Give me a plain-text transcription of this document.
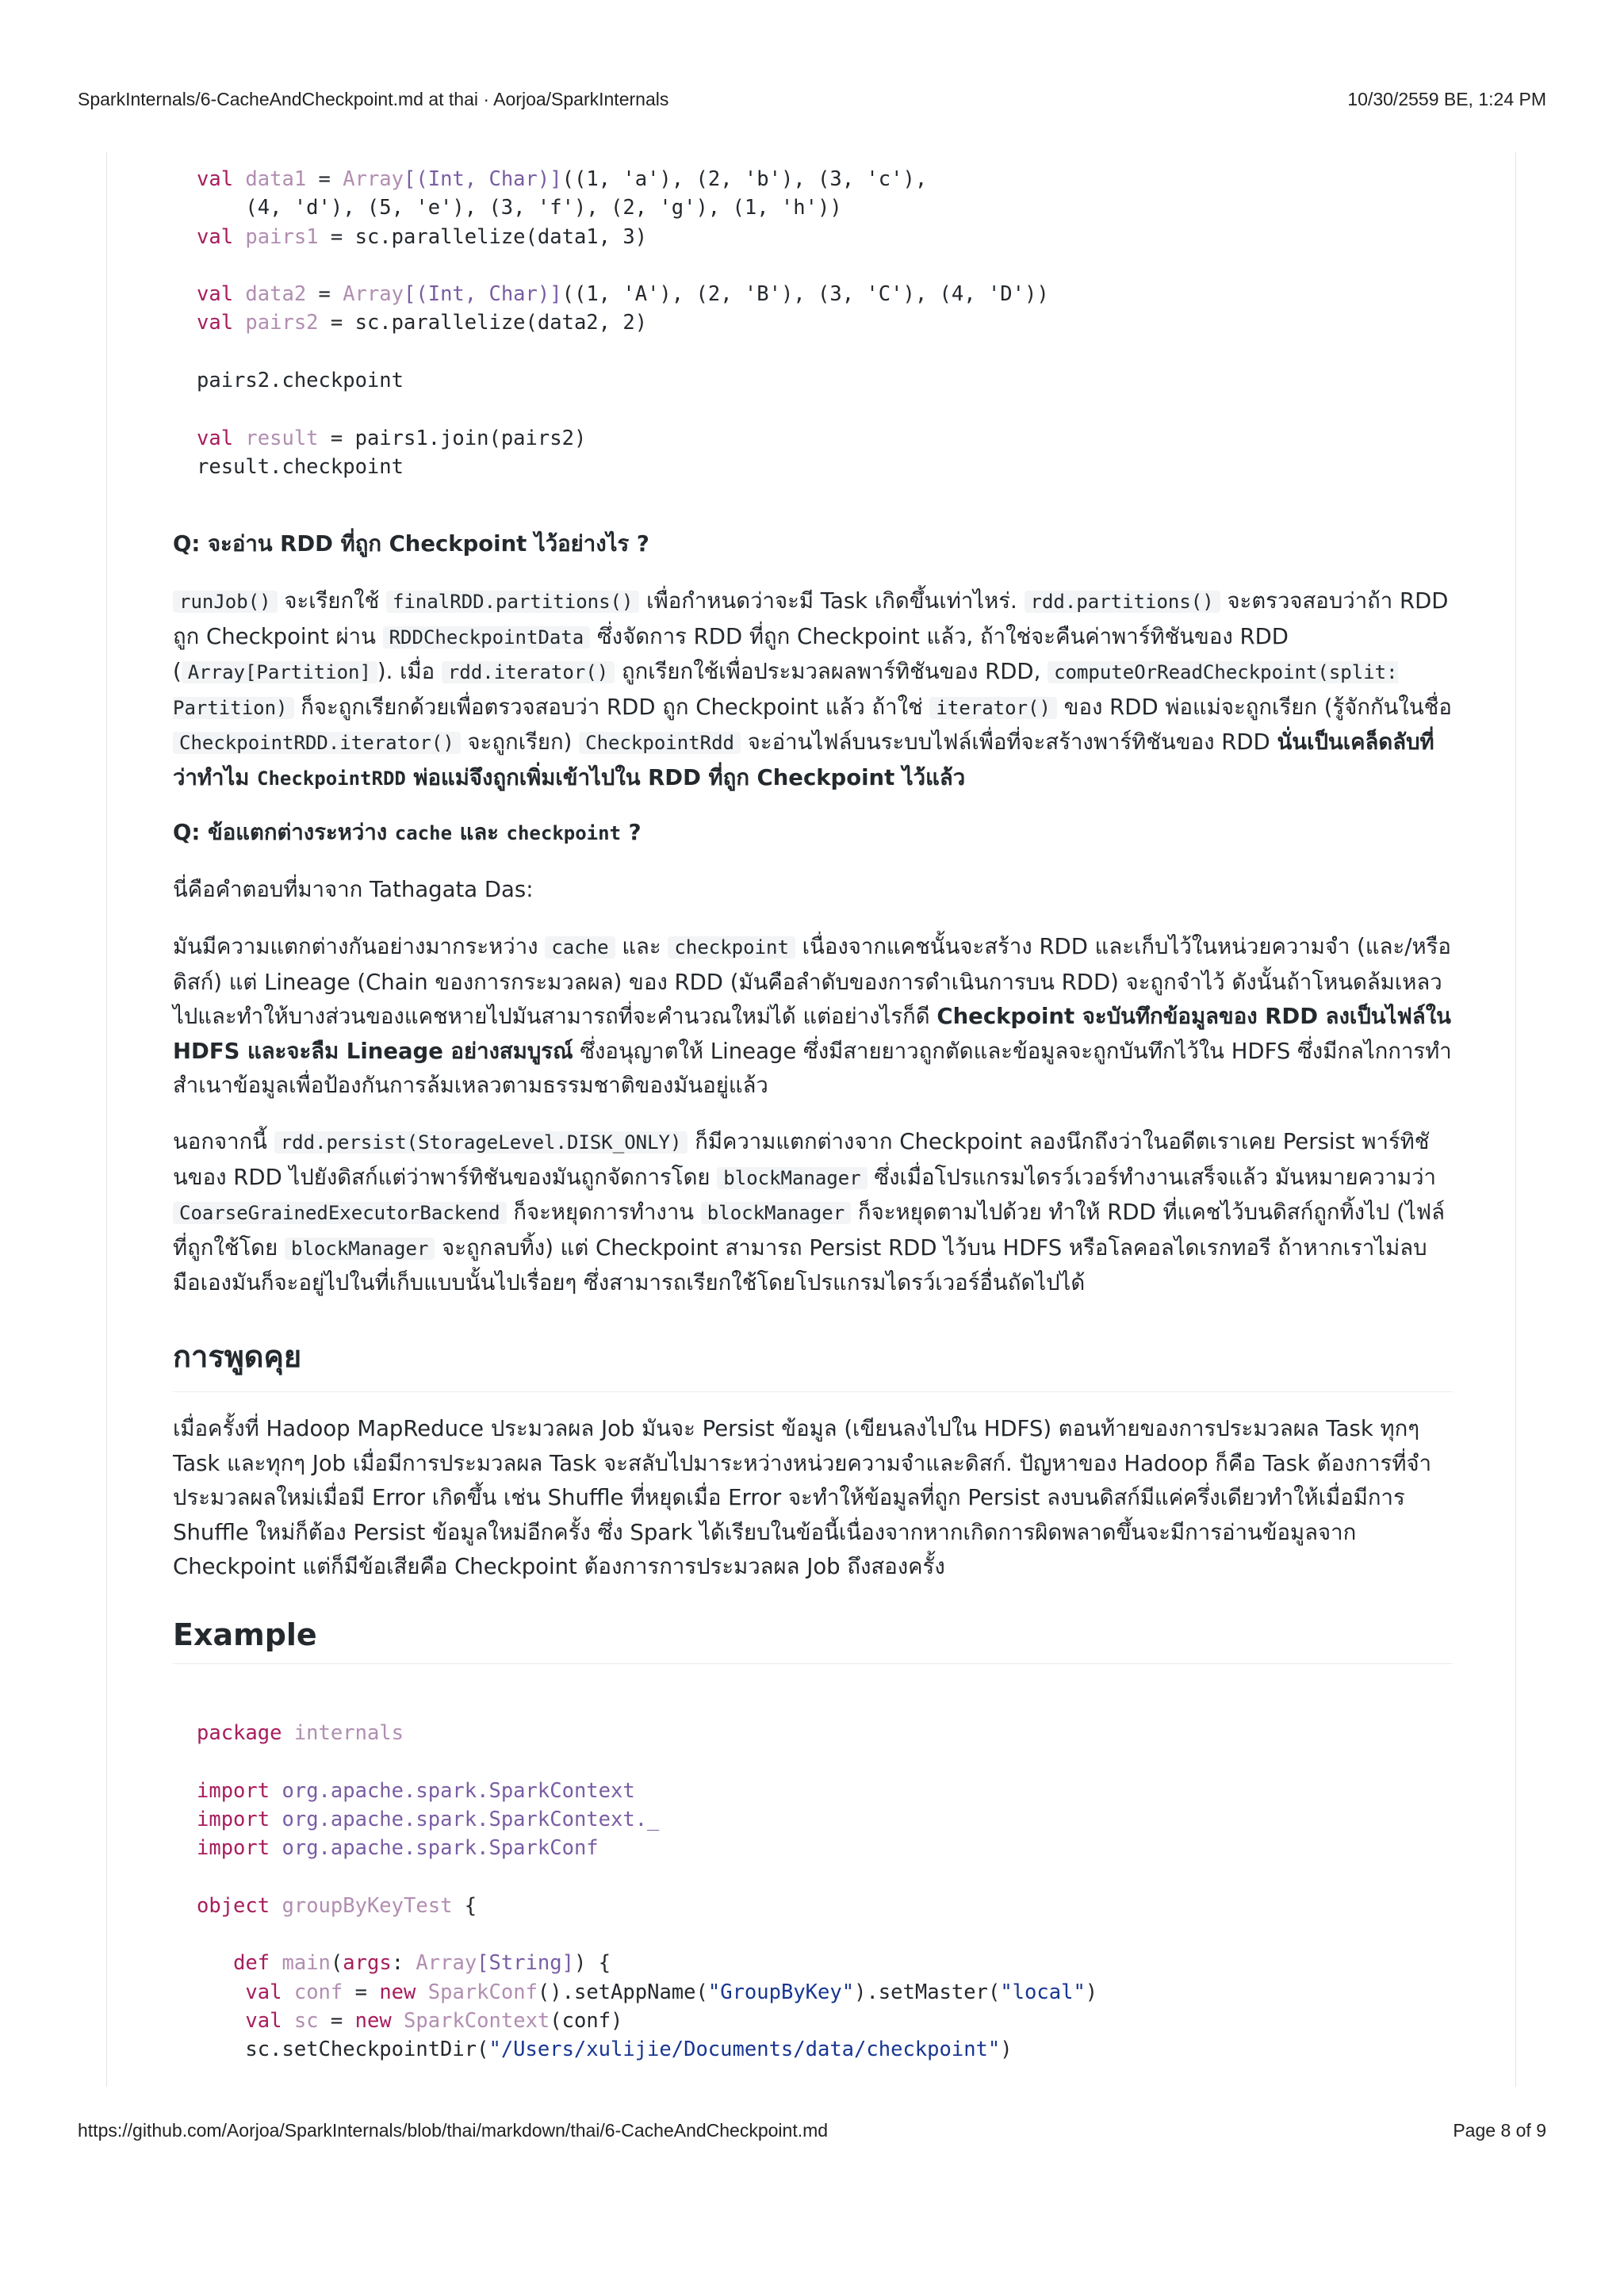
SparkInternals/6-CacheAndCheckpoint.md at thai · Aorjoa/SparkInternals	10/30/2559 BE, 1:24 PM
val data1 = Array[(Int, Char)]((1, 'a'), (2, 'b'), (3, 'c'),
(4, 'd'), (5, 'e'), (3, 'f'), (2, 'g'), (1, 'h'))
val pairs1 = sc.parallelize(data1, 3)

val data2 = Array[(Int, Char)]((1, 'A'), (2, 'B'), (3, 'C'), (4, 'D'))
val pairs2 = sc.parallelize(data2, 2)

pairs2.checkpoint

val result = pairs1.join(pairs2)
result.checkpoint

Q: จะอ่าน RDD ที่ถูก Checkpoint ไว้อย่างไร ?

runJob() จะเรียกใช้ finalRDD.partitions() เพื่อกำหนดว่าจะมี Task เกิดขึ้นเท่าไหร่. rdd.partitions() จะตรวจสอบว่าถ้า RDD ถูก Checkpoint ผ่าน RDDCheckpointData ซึ่งจัดการ RDD ที่ถูก Checkpoint แล้ว, ถ้าใช่จะคืนค่าพาร์ทิชันของ RDD ( Array[Partition] ). เมื่อ rdd.iterator() ถูกเรียกใช้เพื่อประมวลผลพาร์ทิชันของ RDD, computeOrReadCheckpoint(split: Partition) ก็จะถูกเรียกด้วยเพื่อตรวจสอบว่า RDD ถูก Checkpoint แล้ว ถ้าใช่ iterator() ของ RDD พ่อแม่จะถูกเรียก (รู้จักกันในชื่อ CheckpointRDD.iterator() จะถูกเรียก) CheckpointRdd จะอ่านไฟล์บนระบบไฟล์เพื่อที่จะสร้างพาร์ทิชันของ RDD นั่นเป็นเคล็ดลับที่ว่าทำไม CheckpointRDD พ่อแม่จึงถูกเพิ่มเข้าไปใน RDD ที่ถูก Checkpoint ไว้แล้ว

Q: ข้อแตกต่างระหว่าง cache และ checkpoint ?

นี่คือคำตอบที่มาจาก Tathagata Das:

มันมีความแตกต่างกันอย่างมากระหว่าง cache และ checkpoint เนื่องจากแคชนั้นจะสร้าง RDD และเก็บไว้ในหน่วยความจำ (และ/หรือดิสก์) แต่ Lineage (Chain ของการกระมวลผล) ของ RDD (มันคือลำดับของการดำเนินการบน RDD) จะถูกจำไว้ ดังนั้นถ้าโหนดล้มเหลวไปและทำให้บางส่วนของแคชหายไปมันสามารถที่จะคำนวณใหม่ได้ แต่อย่างไรก็ดี Checkpoint จะบันทึกข้อมูลของ RDD ลงเป็นไฟล์ใน HDFS และจะลืม Lineage อย่างสมบูรณ์ ซึ่งอนุญาตให้ Lineage ซึ่งมีสายยาวถูกตัดและข้อมูลจะถูกบันทึกไว้ใน HDFS ซึ่งมีกลไกการทำสำเนาข้อมูลเพื่อป้องกันการล้มเหลวตามธรรมชาติของมันอยู่แล้ว

นอกจากนี้ rdd.persist(StorageLevel.DISK_ONLY) ก็มีความแตกต่างจาก Checkpoint ลองนึกถึงว่าในอดีตเราเคย Persist พาร์ทิชันของ RDD ไปยังดิสก์แต่ว่าพาร์ทิชันของมันถูกจัดการโดย blockManager ซึ่งเมื่อโปรแกรมไดรว์เวอร์ทำงานเสร็จแล้ว มันหมายความว่า CoarseGrainedExecutorBackend ก็จะหยุดการทำงาน blockManager ก็จะหยุดตามไปด้วย ทำให้ RDD ที่แคชไว้บนดิสก์ถูกทิ้งไป (ไฟล์ที่ถูกใช้โดย blockManager จะถูกลบทิ้ง) แต่ Checkpoint สามารถ Persist RDD ไว้บน HDFS หรือโลคอลไดเรกทอรี ถ้าหากเราไม่ลบมือเองมันก็จะอยู่ไปในที่เก็บแบบนั้นไปเรื่อยๆ ซึ่งสามารถเรียกใช้โดยโปรแกรมไดรว์เวอร์อื่นถัดไปได้

การพูดคุย

เมื่อครั้งที่ Hadoop MapReduce ประมวลผล Job มันจะ Persist ข้อมูล (เขียนลงไปใน HDFS) ตอนท้ายของการประมวลผล Task ทุกๆ Task และทุกๆ Job เมื่อมีการประมวลผล Task จะสลับไปมาระหว่างหน่วยความจำและดิสก์. ปัญหาของ Hadoop ก็คือ Task ต้องการที่จำประมวลผลใหม่เมื่อมี Error เกิดขึ้น เช่น Shuffle ที่หยุดเมื่อ Error จะทำให้ข้อมูลที่ถูก Persist ลงบนดิสก์มีแค่ครึ่งเดียวทำให้เมื่อมีการ Shuffle ใหม่ก็ต้อง Persist ข้อมูลใหม่อีกครั้ง ซึ่ง Spark ได้เรียบในข้อนี้เนื่องจากหากเกิดการผิดพลาดขึ้นจะมีการอ่านข้อมูลจาก Checkpoint แต่ก็มีข้อเสียคือ Checkpoint ต้องการการประมวลผล Job ถึงสองครั้ง

Example
package internals

import org.apache.spark.SparkContext
import org.apache.spark.SparkContext._
import org.apache.spark.SparkConf

object groupByKeyTest {

def main(args: Array[String]) {
val conf = new SparkConf().setAppName("GroupByKey").setMaster("local")
val sc = new SparkContext(conf)
sc.setCheckpointDir("/Users/xulijie/Documents/data/checkpoint")
https://github.com/Aorjoa/SparkInternals/blob/thai/markdown/thai/6-CacheAndCheckpoint.md	Page 8 of 9
